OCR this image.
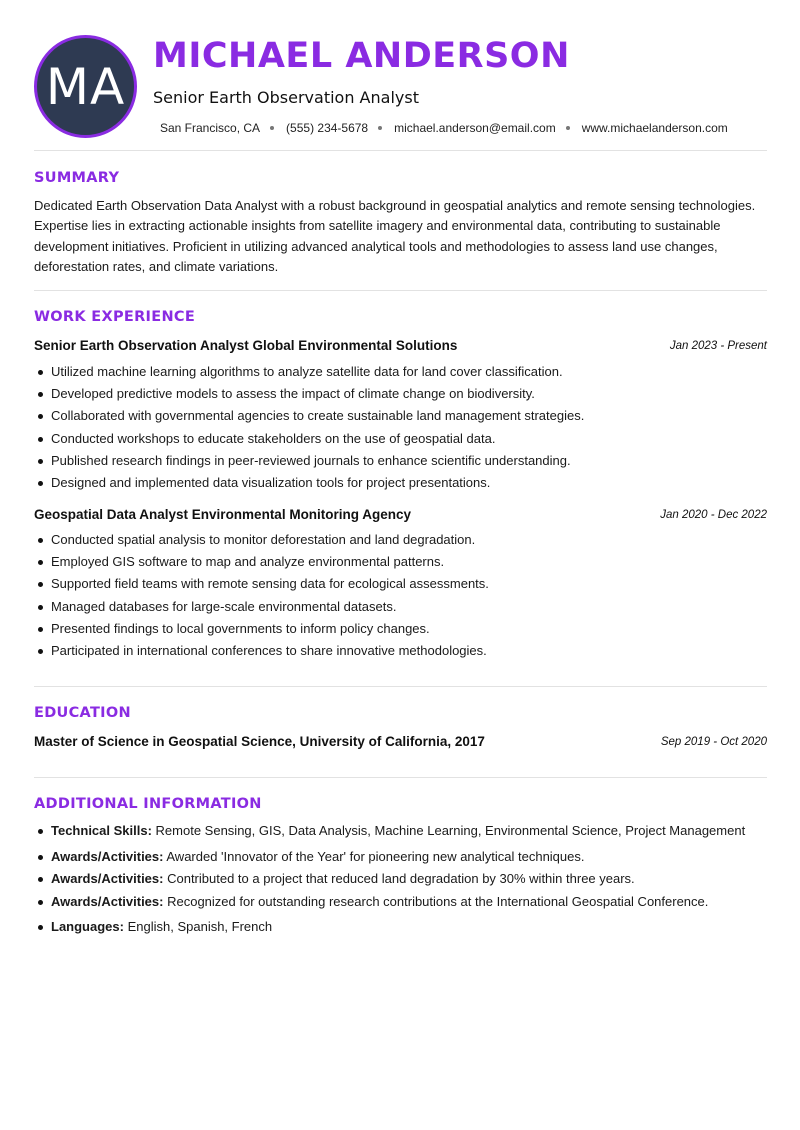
MA
MICHAEL ANDERSON
Senior Earth Observation Analyst
San Francisco, CA (555) 234-5678 michael.anderson@email.com www.michaelanderson.com
SUMMARY
Dedicated Earth Observation Data Analyst with a robust background in geospatial analytics and remote sensing technologies. Expertise lies in extracting actionable insights from satellite imagery and environmental data, contributing to sustainable development initiatives. Proficient in utilizing advanced analytical tools and methodologies to assess land use changes, deforestation rates, and climate variations.
WORK EXPERIENCE
Senior Earth Observation Analyst Global Environmental Solutions	Jan 2023 - Present
Utilized machine learning algorithms to analyze satellite data for land cover classification.
Developed predictive models to assess the impact of climate change on biodiversity.
Collaborated with governmental agencies to create sustainable land management strategies.
Conducted workshops to educate stakeholders on the use of geospatial data.
Published research findings in peer-reviewed journals to enhance scientific understanding.
Designed and implemented data visualization tools for project presentations.
Geospatial Data Analyst Environmental Monitoring Agency	Jan 2020 - Dec 2022
Conducted spatial analysis to monitor deforestation and land degradation.
Employed GIS software to map and analyze environmental patterns.
Supported field teams with remote sensing data for ecological assessments.
Managed databases for large-scale environmental datasets.
Presented findings to local governments to inform policy changes.
Participated in international conferences to share innovative methodologies.
EDUCATION
Master of Science in Geospatial Science, University of California, 2017	Sep 2019 - Oct 2020
ADDITIONAL INFORMATION
Technical Skills: Remote Sensing, GIS, Data Analysis, Machine Learning, Environmental Science, Project Management
Awards/Activities: Awarded 'Innovator of the Year' for pioneering new analytical techniques.
Awards/Activities: Contributed to a project that reduced land degradation by 30% within three years.
Awards/Activities: Recognized for outstanding research contributions at the International Geospatial Conference.
Languages: English, Spanish, French
